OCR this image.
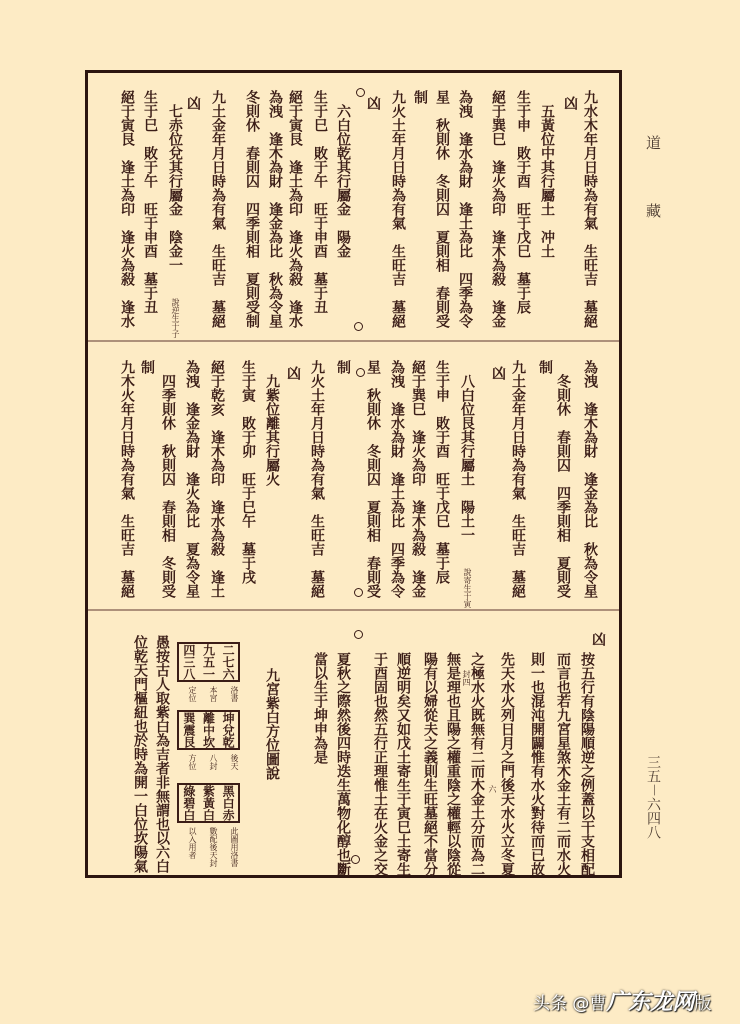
道
藏
三五－六四八
九水木年月日時為有氣　生旺吉　墓絕
凶
五黃位中其行屬土　冲土
生于申　敗于酉　旺于戊巳　墓于辰
絕于巽巳　逢火為印　逢木為殺　逢金
為洩　逢水為財　逢土為比　四季為令
星　秋則休　冬則囚　夏則相　春則受
制
九火土年月日時為有氣　生旺吉　墓絕
凶
六白位乾其行屬金　陽金
生于巳　敗于午　旺于申酉　墓于丑
絕于寅艮　逢土為印　逢火為殺　逢水
為洩　逢木為財　逢金為比　秋為令星
冬則休　春則囚　四季則相　夏則受制
九土金年月日時為有氣　生旺吉　墓絕
凶
七赤位兌其行屬金　陰金一
生于巳　敗于午　旺于申酉　墓于丑
絕于寅艮　逢土為印　逢火為殺　逢水
為洩　逢木為財　逢金為比　秋為令星
冬則休　春則囚　四季則相　夏則受
制
九土金年月日時為有氣　生旺吉　墓絕
凶
八白位艮其行屬土　陽土一
生于申　敗于酉　旺于戊巳　墓于辰
絕于巽巳　逢火為印　逢木為殺　逢金
為洩　逢水為財　逢土為比　四季為令
星　秋則休　冬則囚　夏則相　春則受
制
九火土年月日時為有氣　生旺吉　墓絕
凶
九紫位離其行屬火
生于寅　敗于卯　旺于巳午　墓于戌
絕于乾亥　逢木為印　逢水為殺　逢土
為洩　逢金為財　逢火為比　夏為令星
四季則休　秋則囚　春則相　冬則受
制
九木火年月日時為有氣　生旺吉　墓絕
凶
按五行有陰陽順逆之例蓋以干支相配
而言也若九宮星煞木金土有二而水火
則一也混沌開闢惟有水火對待而已故
先天水火列日月之門後天水火立冬夏
之極水火既無有二而木金土分而為二
無是理也且陽之權重陰之權輕以陰從
陽有以婦從夫之義則生旺墓絕不當分
順逆明矣又如戊土寄生于寅巳土寄生
于酉固也然五行正理惟土在火金之交
夏秋之際然後四時迭生萬物化醇也斷
當以生于坤申為是
九宮紫白方位圖說
愚按古人取紫白為吉者非無謂也以六白
位乾天門樞紐也於時為開一白位坎陽氣
說逆生于子
說寄生于寅
封四
六
二七六
九五一
四三八
洛書
本宮
定位
坤兌乾
離中坎
巽震艮
後天
八封
方位
黑白赤
紫黃白
綠碧白
此圖用洛書
數配後天封
以入用者
头条 @曹广东龙网版
